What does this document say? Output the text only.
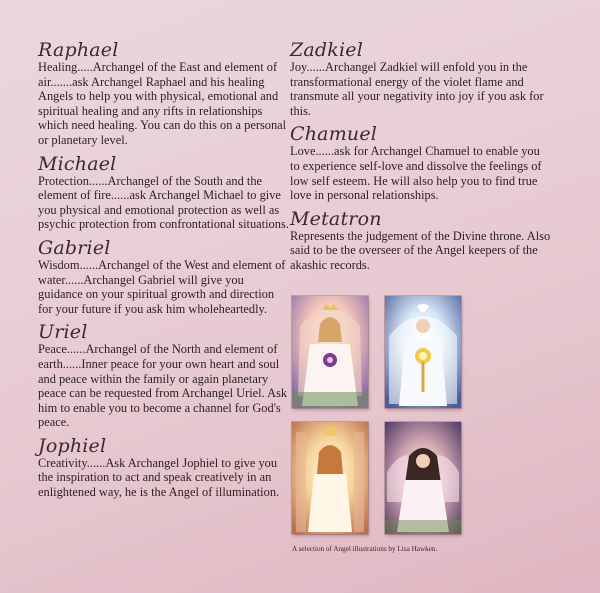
Raphael

Healing.....Archangel of the East and element of air.......ask Archangel Raphael and his healing Angels to help you with physical, emotional and spiritual healing and any rifts in relationships which need healing. You can do this on a personal or planetary level.

Michael

Protection......Archangel of the South and the element of fire......ask Archangel Michael to give you physical and emotional protection as well as psychic protection from confrontational situations.

Gabriel

Wisdom......Archangel of the West and element of water......Archangel Gabriel will give you guidance on your spiritual growth and direction for your future if you ask him wholeheartedly.

Uriel

Peace......Archangel of the North and element of earth......Inner peace for your own heart and soul and peace within the family or again planetary peace can be requested from Archangel Uriel. Ask him to enable you to become a channel for God's peace.

Jophiel

Creativity......Ask Archangel Jophiel to give you the inspiration to act and speak creatively in an enlightened way, he is the Angel of illumination.

Zadkiel

Joy......Archangel Zadkiel will enfold you in the transformational energy of the violet flame and transmute all your negativity into joy if you ask for this.

Chamuel

Love......ask for Archangel Chamuel to enable you to experience self-love and dissolve the feelings of low self esteem. He will also help you to find true love in personal relationships.

Metatron

Represents the judgement of the Divine throne. Also said to be the overseer of the Angel keepers of the akashic records.

A selection of Angel illustrations by Lisa Hawken.
